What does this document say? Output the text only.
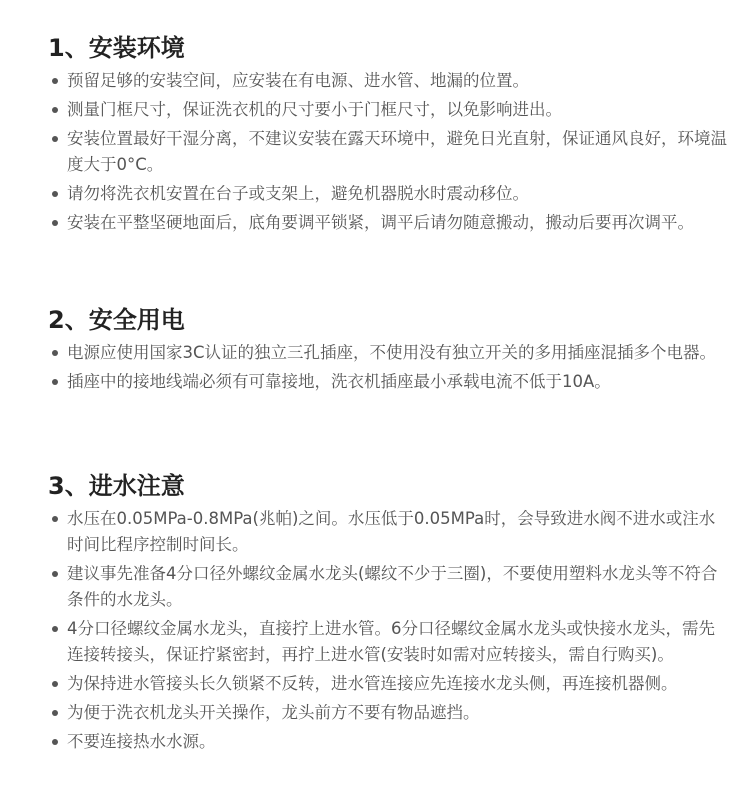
1、安装环境
预留足够的安装空间，应安装在有电源、进水管、地漏的位置。
测量门框尺寸，保证洗衣机的尺寸要小于门框尺寸，以免影响进出。
安装位置最好干湿分离，不建议安装在露天环境中，避免日光直射，保证通风良好，环境温度大于0°C。
请勿将洗衣机安置在台子或支架上，避免机器脱水时震动移位。
安装在平整坚硬地面后，底角要调平锁紧，调平后请勿随意搬动，搬动后要再次调平。
2、安全用电
电源应使用国家3C认证的独立三孔插座，不使用没有独立开关的多用插座混插多个电器。
插座中的接地线端必须有可靠接地，洗衣机插座最小承载电流不低于10A。
3、进水注意
水压在0.05MPa-0.8MPa(兆帕)之间。水压低于0.05MPa时，会导致进水阀不进水或注水时间比程序控制时间长。
建议事先准备4分口径外螺纹金属水龙头(螺纹不少于三圈)，不要使用塑料水龙头等不符合条件的水龙头。
4分口径螺纹金属水龙头，直接拧上进水管。6分口径螺纹金属水龙头或快接水龙头，需先连接转接头，保证拧紧密封，再拧上进水管(安装时如需对应转接头，需自行购买)。
为保持进水管接头长久锁紧不反转，进水管连接应先连接水龙头侧，再连接机器侧。
为便于洗衣机龙头开关操作，龙头前方不要有物品遮挡。
不要连接热水水源。
